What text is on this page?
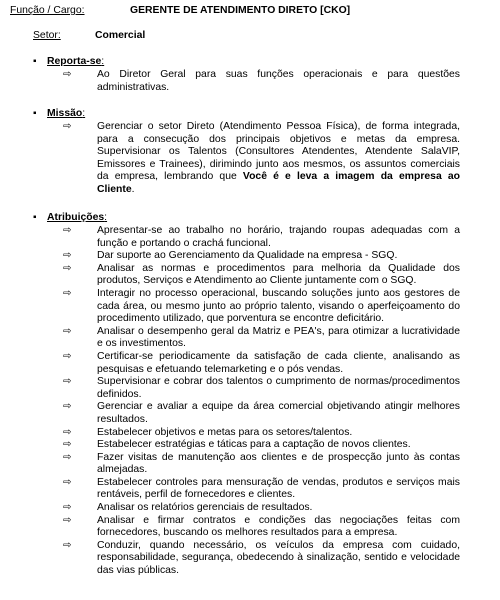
Função / Cargo:	GERENTE DE ATENDIMENTO DIRETO [CKO]
Setor:	Comercial
▪ Reporta-se:
⇨ Ao Diretor Geral para suas funções operacionais e para questões administrativas.
▪ Missão:
⇨ Gerenciar o setor Direto (Atendimento Pessoa Física), de forma integrada, para a consecução dos principais objetivos e metas da empresa. Supervisionar os Talentos (Consultores Atendentes, Atendente SalaVIP, Emissores e Trainees), dirimindo junto aos mesmos, os assuntos comerciais da empresa, lembrando que Você é e leva a imagem da empresa ao Cliente.
▪ Atribuições:
⇨ Apresentar-se ao trabalho no horário, trajando roupas adequadas com a função e portando o crachá funcional.
⇨ Dar suporte ao Gerenciamento da Qualidade na empresa - SGQ.
⇨ Analisar as normas e procedimentos para melhoria da Qualidade dos produtos, Serviços e Atendimento ao Cliente juntamente com o SGQ.
⇨ Interagir no processo operacional, buscando soluções junto aos gestores de cada área, ou mesmo junto ao próprio talento, visando o aperfeiçoamento do procedimento utilizado, que porventura se encontre deficitário.
⇨ Analisar o desempenho geral da Matriz e PEA's, para otimizar a lucratividade e os investimentos.
⇨ Certificar-se periodicamente da satisfação de cada cliente, analisando as pesquisas e efetuando telemarketing e o pós vendas.
⇨ Supervisionar e cobrar dos talentos o cumprimento de normas/procedimentos definidos.
⇨ Gerenciar e avaliar a equipe da área comercial objetivando atingir melhores resultados.
⇨ Estabelecer objetivos e metas para os setores/talentos.
⇨ Estabelecer estratégias e táticas para a captação de novos clientes.
⇨ Fazer visitas de manutenção aos clientes e de prospecção junto às contas almejadas.
⇨ Estabelecer controles para mensuração de vendas, produtos e serviços mais rentáveis, perfil de fornecedores e clientes.
⇨ Analisar os relatórios gerenciais de resultados.
⇨ Analisar e firmar contratos e condições das negociações feitas com fornecedores, buscando os melhores resultados para a empresa.
⇨ Conduzir, quando necessário, os veículos da empresa com cuidado, responsabilidade, segurança, obedecendo à sinalização, sentido e velocidade das vias públicas.
